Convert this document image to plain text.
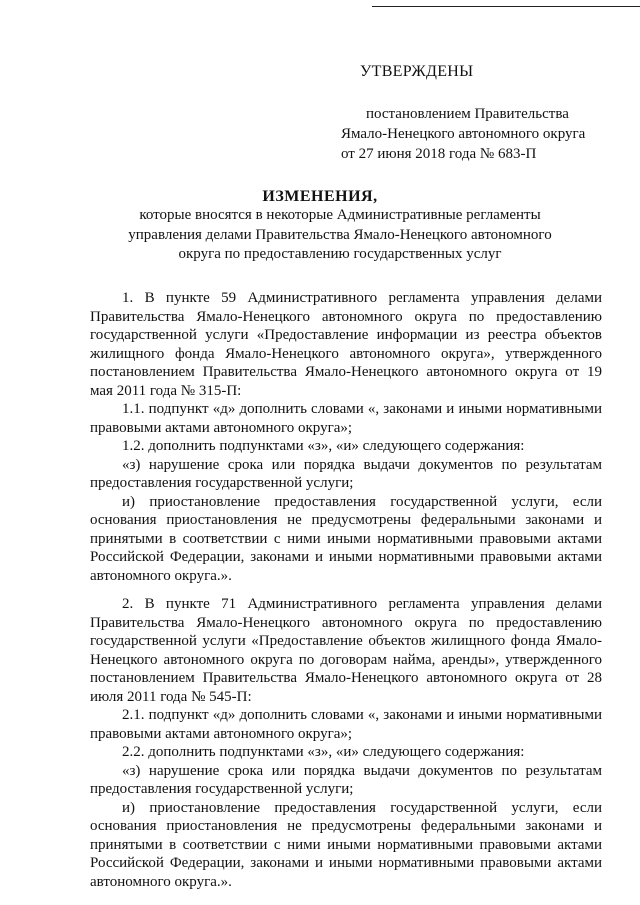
УТВЕРЖДЕНЫ
постановлением Правительства
Ямало-Ненецкого автономного округа
от 27 июня 2018 года № 683-П
ИЗМЕНЕНИЯ,
которые вносятся в некоторые Административные регламенты управления делами Правительства Ямало-Ненецкого автономного округа по предоставлению государственных услуг

1. В пункте 59 Административного регламента управления делами Правительства Ямало-Ненецкого автономного округа по предоставлению государственной услуги «Предоставление информации из реестра объектов жилищного фонда Ямало-Ненецкого автономного округа», утвержденного постановлением Правительства Ямало-Ненецкого автономного округа от 19 мая 2011 года № 315-П:

1.1. подпункт «д» дополнить словами «, законами и иными нормативными правовыми актами автономного округа»;

1.2. дополнить подпунктами «з», «и» следующего содержания:

«з) нарушение срока или порядка выдачи документов по результатам предоставления государственной услуги;

и) приостановление предоставления государственной услуги, если основания приостановления не предусмотрены федеральными законами и принятыми в соответствии с ними иными нормативными правовыми актами Российской Федерации, законами и иными нормативными правовыми актами автономного округа.».

2. В пункте 71 Административного регламента управления делами Правительства Ямало-Ненецкого автономного округа по предоставлению государственной услуги «Предоставление объектов жилищного фонда Ямало-Ненецкого автономного округа по договорам найма, аренды», утвержденного постановлением Правительства Ямало-Ненецкого автономного округа от 28 июля 2011 года № 545-П:

2.1. подпункт «д» дополнить словами «, законами и иными нормативными правовыми актами автономного округа»;

2.2. дополнить подпунктами «з», «и» следующего содержания:

«з) нарушение срока или порядка выдачи документов по результатам предоставления государственной услуги;

и) приостановление предоставления государственной услуги, если основания приостановления не предусмотрены федеральными законами и принятыми в соответствии с ними иными нормативными правовыми актами Российской Федерации, законами и иными нормативными правовыми актами автономного округа.».
